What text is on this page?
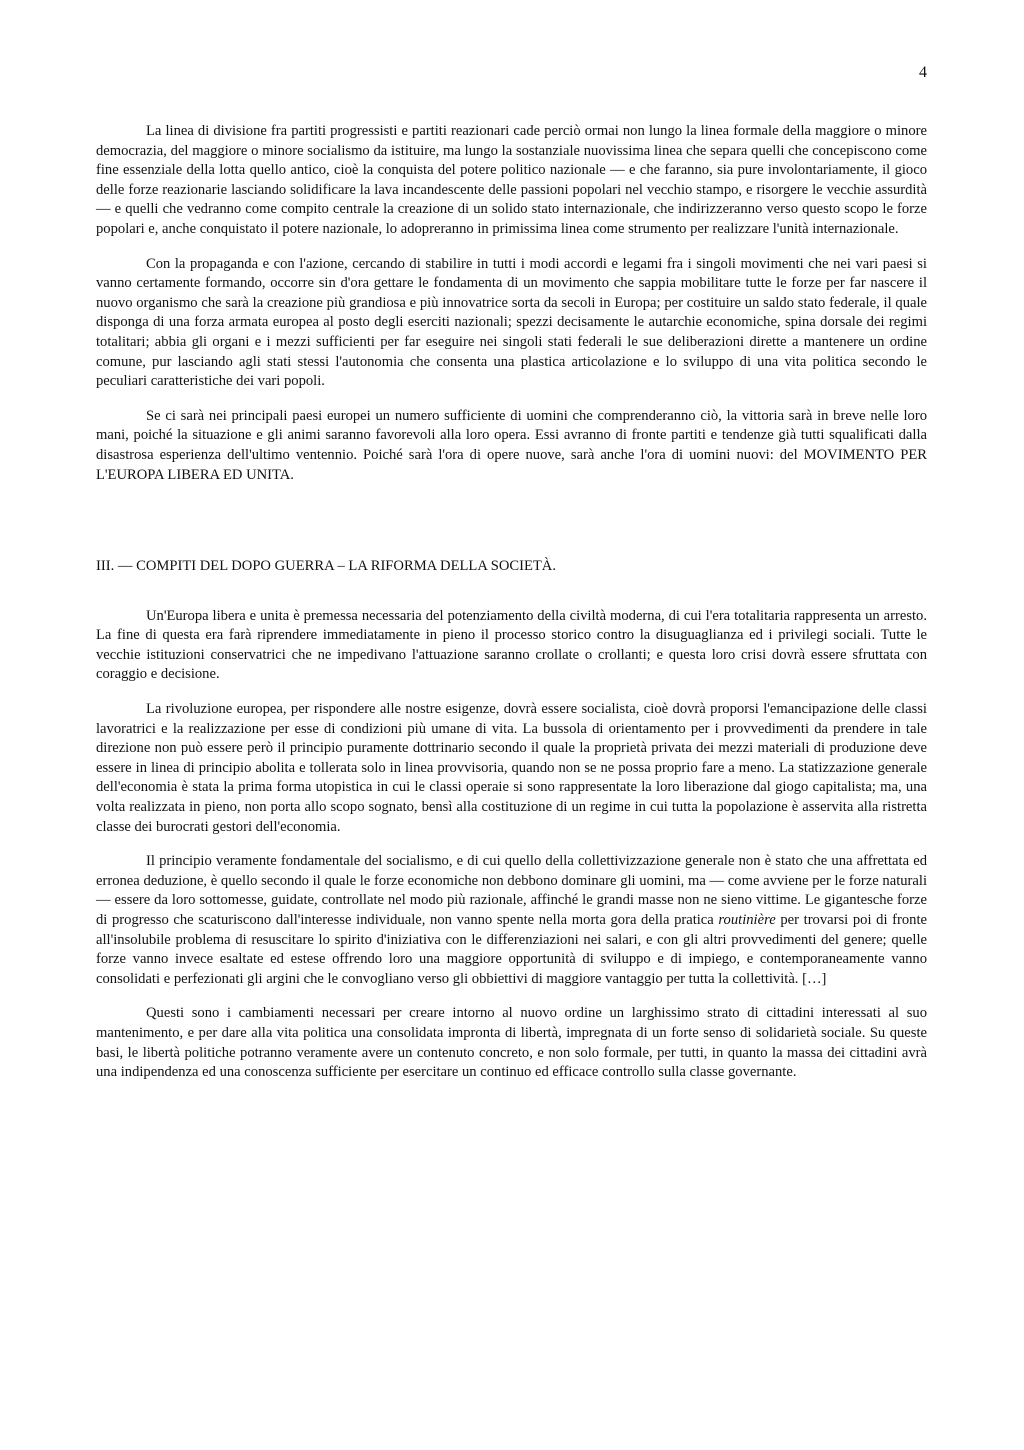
4

La linea di divisione fra partiti progressisti e partiti reazionari cade perciò ormai non lungo la linea formale della maggiore o minore democrazia, del maggiore o minore socialismo da istituire, ma lungo la sostanziale nuovissima linea che separa quelli che concepiscono come fine essenziale della lotta quello antico, cioè la conquista del potere politico nazionale — e che faranno, sia pure involontariamente, il gioco delle forze reazionarie lasciando solidificare la lava incandescente delle passioni popolari nel vecchio stampo, e risorgere le vecchie assurdità — e quelli che vedranno come compito centrale la creazione di un solido stato internazionale, che indirizzeranno verso questo scopo le forze popolari e, anche conquistato il potere nazionale, lo adopreranno in primissima linea come strumento per realizzare l'unità internazionale.

Con la propaganda e con l'azione, cercando di stabilire in tutti i modi accordi e legami fra i singoli movimenti che nei vari paesi si vanno certamente formando, occorre sin d'ora gettare le fondamenta di un movimento che sappia mobilitare tutte le forze per far nascere il nuovo organismo che sarà la creazione più grandiosa e più innovatrice sorta da secoli in Europa; per costituire un saldo stato federale, il quale disponga di una forza armata europea al posto degli eserciti nazionali; spezzi decisamente le autarchie economiche, spina dorsale dei regimi totalitari; abbia gli organi e i mezzi sufficienti per far eseguire nei singoli stati federali le sue deliberazioni dirette a mantenere un ordine comune, pur lasciando agli stati stessi l'autonomia che consenta una plastica articolazione e lo sviluppo di una vita politica secondo le peculiari caratteristiche dei vari popoli.

Se ci sarà nei principali paesi europei un numero sufficiente di uomini che comprenderanno ciò, la vittoria sarà in breve nelle loro mani, poiché la situazione e gli animi saranno favorevoli alla loro opera. Essi avranno di fronte partiti e tendenze già tutti squalificati dalla disastrosa esperienza dell'ultimo ventennio. Poiché sarà l'ora di opere nuove, sarà anche l'ora di uomini nuovi: del MOVIMENTO PER L'EUROPA LIBERA ED UNITA.

III. — COMPITI DEL DOPO GUERRA – LA RIFORMA DELLA SOCIETÀ.

Un'Europa libera e unita è premessa necessaria del potenziamento della civiltà moderna, di cui l'era totalitaria rappresenta un arresto. La fine di questa era farà riprendere immediatamente in pieno il processo storico contro la disuguaglianza ed i privilegi sociali. Tutte le vecchie istituzioni conservatrici che ne impedivano l'attuazione saranno crollate o crollanti; e questa loro crisi dovrà essere sfruttata con coraggio e decisione.

La rivoluzione europea, per rispondere alle nostre esigenze, dovrà essere socialista, cioè dovrà proporsi l'emancipazione delle classi lavoratrici e la realizzazione per esse di condizioni più umane di vita. La bussola di orientamento per i provvedimenti da prendere in tale direzione non può essere però il principio puramente dottrinario secondo il quale la proprietà privata dei mezzi materiali di produzione deve essere in linea di principio abolita e tollerata solo in linea provvisoria, quando non se ne possa proprio fare a meno. La statizzazione generale dell'economia è stata la prima forma utopistica in cui le classi operaie si sono rappresentate la loro liberazione dal giogo capitalista; ma, una volta realizzata in pieno, non porta allo scopo sognato, bensì alla costituzione di un regime in cui tutta la popolazione è asservita alla ristretta classe dei burocrati gestori dell'economia.

Il principio veramente fondamentale del socialismo, e di cui quello della collettivizzazione generale non è stato che una affrettata ed erronea deduzione, è quello secondo il quale le forze economiche non debbono dominare gli uomini, ma — come avviene per le forze naturali — essere da loro sottomesse, guidate, controllate nel modo più razionale, affinché le grandi masse non ne sieno vittime. Le gigantesche forze di progresso che scaturiscono dall'interesse individuale, non vanno spente nella morta gora della pratica routinière per trovarsi poi di fronte all'insolubile problema di resuscitare lo spirito d'iniziativa con le differenziazioni nei salari, e con gli altri provvedimenti del genere; quelle forze vanno invece esaltate ed estese offrendo loro una maggiore opportunità di sviluppo e di impiego, e contemporaneamente vanno consolidati e perfezionati gli argini che le convogliano verso gli obbiettivi di maggiore vantaggio per tutta la collettività. […]

Questi sono i cambiamenti necessari per creare intorno al nuovo ordine un larghissimo strato di cittadini interessati al suo mantenimento, e per dare alla vita politica una consolidata impronta di libertà, impregnata di un forte senso di solidarietà sociale. Su queste basi, le libertà politiche potranno veramente avere un contenuto concreto, e non solo formale, per tutti, in quanto la massa dei cittadini avrà una indipendenza ed una conoscenza sufficiente per esercitare un continuo ed efficace controllo sulla classe governante.
